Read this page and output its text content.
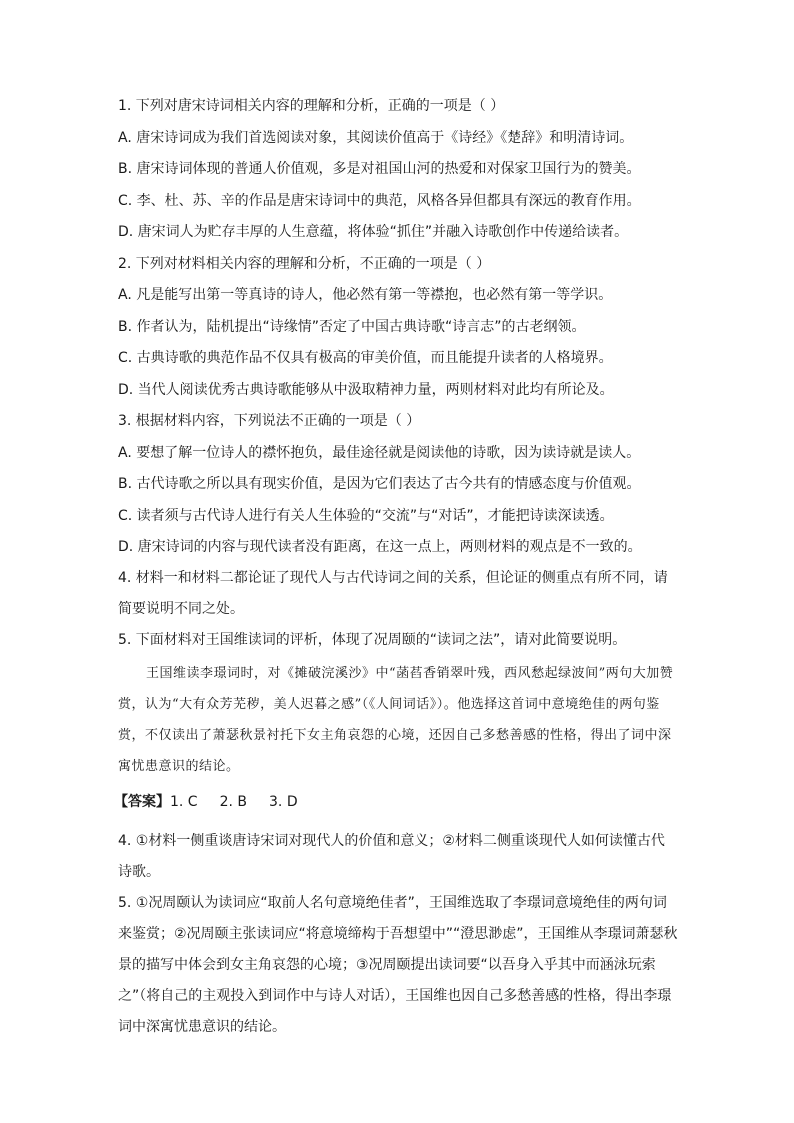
1. 下列对唐宋诗词相关内容的理解和分析，正确的一项是（ ）

A. 唐宋诗词成为我们首选阅读对象，其阅读价值高于《诗经》《楚辞》和明清诗词。

B. 唐宋诗词体现的普通人价值观，多是对祖国山河的热爱和对保家卫国行为的赞美。

C. 李、杜、苏、辛的作品是唐宋诗词中的典范，风格各异但都具有深远的教育作用。

D. 唐宋词人为贮存丰厚的人生意蕴，将体验“抓住”并融入诗歌创作中传递给读者。

2. 下列对材料相关内容的理解和分析，不正确的一项是（ ）

A. 凡是能写出第一等真诗的诗人，他必然有第一等襟抱，也必然有第一等学识。

B. 作者认为，陆机提出“诗缘情”否定了中国古典诗歌“诗言志”的古老纲领。

C. 古典诗歌的典范作品不仅具有极高的审美价值，而且能提升读者的人格境界。

D. 当代人阅读优秀古典诗歌能够从中汲取精神力量，两则材料对此均有所论及。

3. 根据材料内容，下列说法不正确的一项是（ ）

A. 要想了解一位诗人的襟怀抱负，最佳途径就是阅读他的诗歌，因为读诗就是读人。

B. 古代诗歌之所以具有现实价值，是因为它们表达了古今共有的情感态度与价值观。

C. 读者须与古代诗人进行有关人生体验的“交流”与“对话”，才能把诗读深读透。

D. 唐宋诗词的内容与现代读者没有距离，在这一点上，两则材料的观点是不一致的。

4. 材料一和材料二都论证了现代人与古代诗词之间的关系，但论证的侧重点有所不同，请简要说明不同之处。

5. 下面材料对王国维读词的评析，体现了况周颐的“读词之法”，请对此简要说明。

王国维读李璟词时，对《摊破浣溪沙》中“菡萏香销翠叶残，西风愁起绿波间”两句大加赞赏，认为“大有众芳芜秽，美人迟暮之感”（《人间词话》）。他选择这首词中意境绝佳的两句鉴赏，不仅读出了萧瑟秋景衬托下女主角哀怨的心境，还因自己多愁善感的性格，得出了词中深寓忧患意识的结论。

【答案】1. C 2. B 3. D

4. ①材料一侧重谈唐诗宋词对现代人的价值和意义；②材料二侧重谈现代人如何读懂古代诗歌。

5. ①况周颐认为读词应“取前人名句意境绝佳者”，王国维选取了李璟词意境绝佳的两句词来鉴赏；②况周颐主张读词应“将意境缔构于吾想望中”“澄思渺虑”，王国维从李璟词萧瑟秋景的描写中体会到女主角哀怨的心境；③况周颐提出读词要“以吾身入乎其中而涵泳玩索之”（将自己的主观投入到词作中与诗人对话），王国维也因自己多愁善感的性格，得出李璟词中深寓忧患意识的结论。
